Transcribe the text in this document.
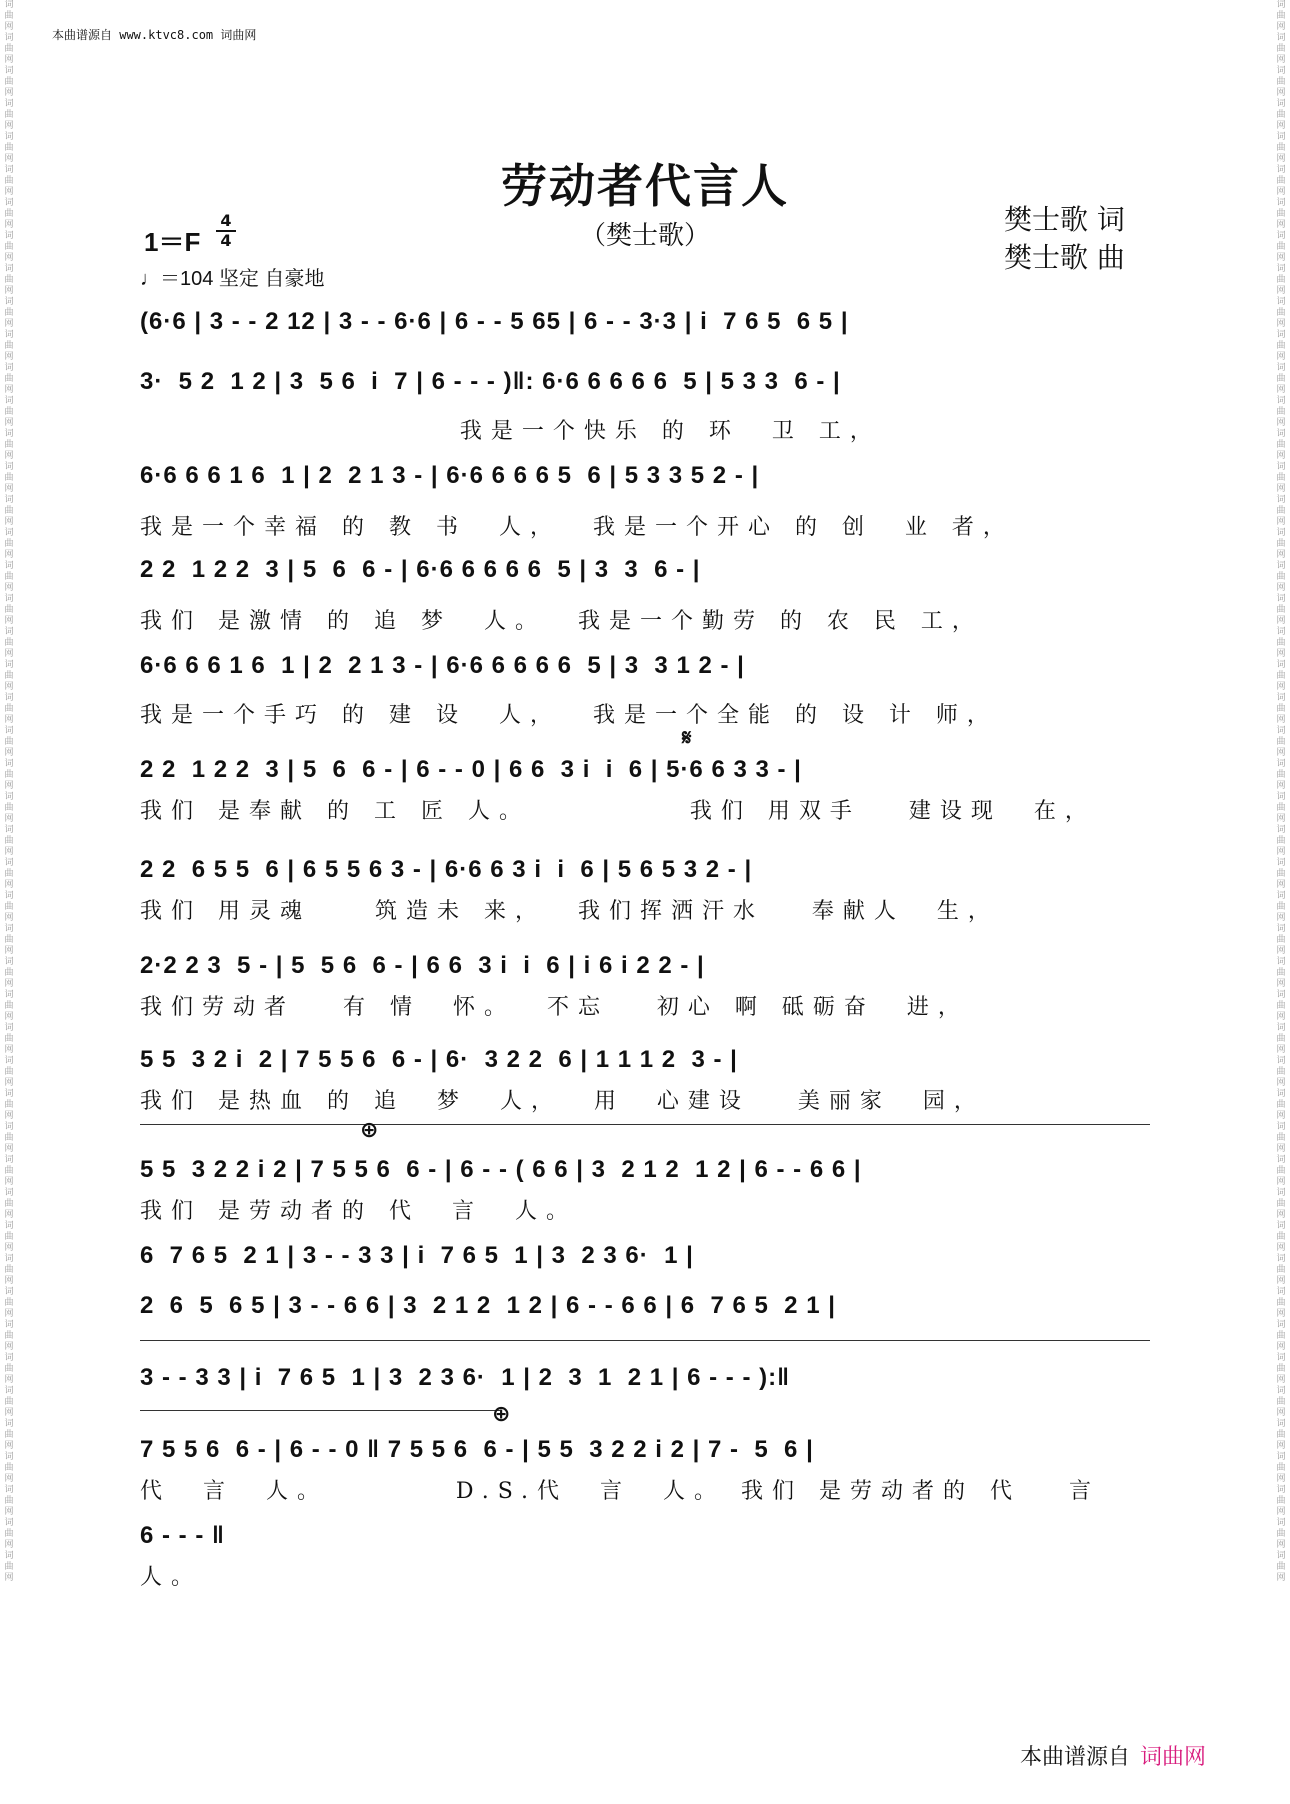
本曲谱源自 www.ktvc8.com 词曲网
词曲网词曲网词曲网词曲网词曲网词曲网词曲网词曲网词曲网词曲网词曲网词曲网词曲网词曲网词曲网词曲网词曲网词曲网词曲网词曲网词曲网词曲网词曲网词曲网词曲网词曲网词曲网词曲网词曲网词曲网词曲网词曲网词曲网词曲网词曲网词曲网词曲网词曲网词曲网词曲网词曲网词曲网词曲网词曲网词曲网词曲网词曲网词曲网
词曲网词曲网词曲网词曲网词曲网词曲网词曲网词曲网词曲网词曲网词曲网词曲网词曲网词曲网词曲网词曲网词曲网词曲网词曲网词曲网词曲网词曲网词曲网词曲网词曲网词曲网词曲网词曲网词曲网词曲网词曲网词曲网词曲网词曲网词曲网词曲网词曲网词曲网词曲网词曲网词曲网词曲网词曲网词曲网词曲网词曲网词曲网词曲网
劳动者代言人
（樊士歌）	樊士歌 词
樊士歌 曲
1＝F
4
4
♩＝104 坚定 自豪地
(6·6 | 3 - - 2 12 | 3 - - 6·6 | 6 - - 5 65 | 6 - - 3·3 | i  7 6 5  6 5 |
3·  5 2  1 2 | 3  5 6  i  7 | 6 - - - )‖: 6·6 6 6 6 6  5 | 5 3 3  6 - |
我是一个快乐 的 环  卫 工，
6·6 6 6 1 6  1 | 2  2 1 3 - | 6·6 6 6 6 5  6 | 5 3 3 5 2 - |
我是一个幸福 的 教 书  人，  我是一个开心 的 创  业 者，
2 2  1 2 2  3 | 5  6  6 - | 6·6 6 6 6 6  5 | 3  3  6 - |
我们 是激情 的 追 梦  人。  我是一个勤劳 的 农 民 工，
6·6 6 6 1 6  1 | 2  2 1 3 - | 6·6 6 6 6 6  5 | 3  3 1 2 - |
我是一个手巧 的 建 设  人，  我是一个全能 的 设 计 师，
𝄋
2 2  1 2 2  3 | 5  6  6 - | 6 - - 0 | 6 6  3 i  i  6 | 5·6 6 3 3 - |
我们 是奉献 的 工 匠 人。          我们 用双手   建设现  在，
2 2  6 5 5  6 | 6 5 5 6 3 - | 6·6 6 3 i  i  6 | 5 6 5 3 2 - |
我们 用灵魂    筑造未 来，  我们挥洒汗水   奉献人  生，
2·2 2 3  5 - | 5  5 6  6 - | 6 6  3 i  i  6 | i 6 i 2 2 - |
我们劳动者   有 情  怀。  不忘   初心 啊 砥砺奋  进，
5 5  3 2 i  2 | 7 5 5 6  6 - | 6·  3 2 2  6 | 1 1 1 2  3 - |
我们 是热血 的 追  梦  人，  用  心建设   美丽家  园，
⊕
5 5  3 2 2 i 2 | 7 5 5 6  6 - | 6 - - ( 6 6 | 3  2 1 2  1 2 | 6 - - 6 6 |
我们 是劳动者的 代  言  人。
6  7 6 5  2 1 | 3 - - 3 3 | i  7 6 5  1 | 3  2 3 6·  1 |
2  6  5  6 5 | 3 - - 6 6 | 3  2 1 2  1 2 | 6 - - 6 6 | 6  7 6 5  2 1 |
3 - - 3 3 | i  7 6 5  1 | 3  2 3 6·  1 | 2  3  1  2 1 | 6 - - - ):‖
⊕
7 5 5 6  6 - | 6 - - 0 ‖ 7 5 5 6  6 - | 5 5  3 2 2 i 2 | 7 -  5  6 |
代  言  人。        D.S.代  言  人。 我们 是劳动者的 代   言
6 - - - ‖
人。
本曲谱源自 词曲网
